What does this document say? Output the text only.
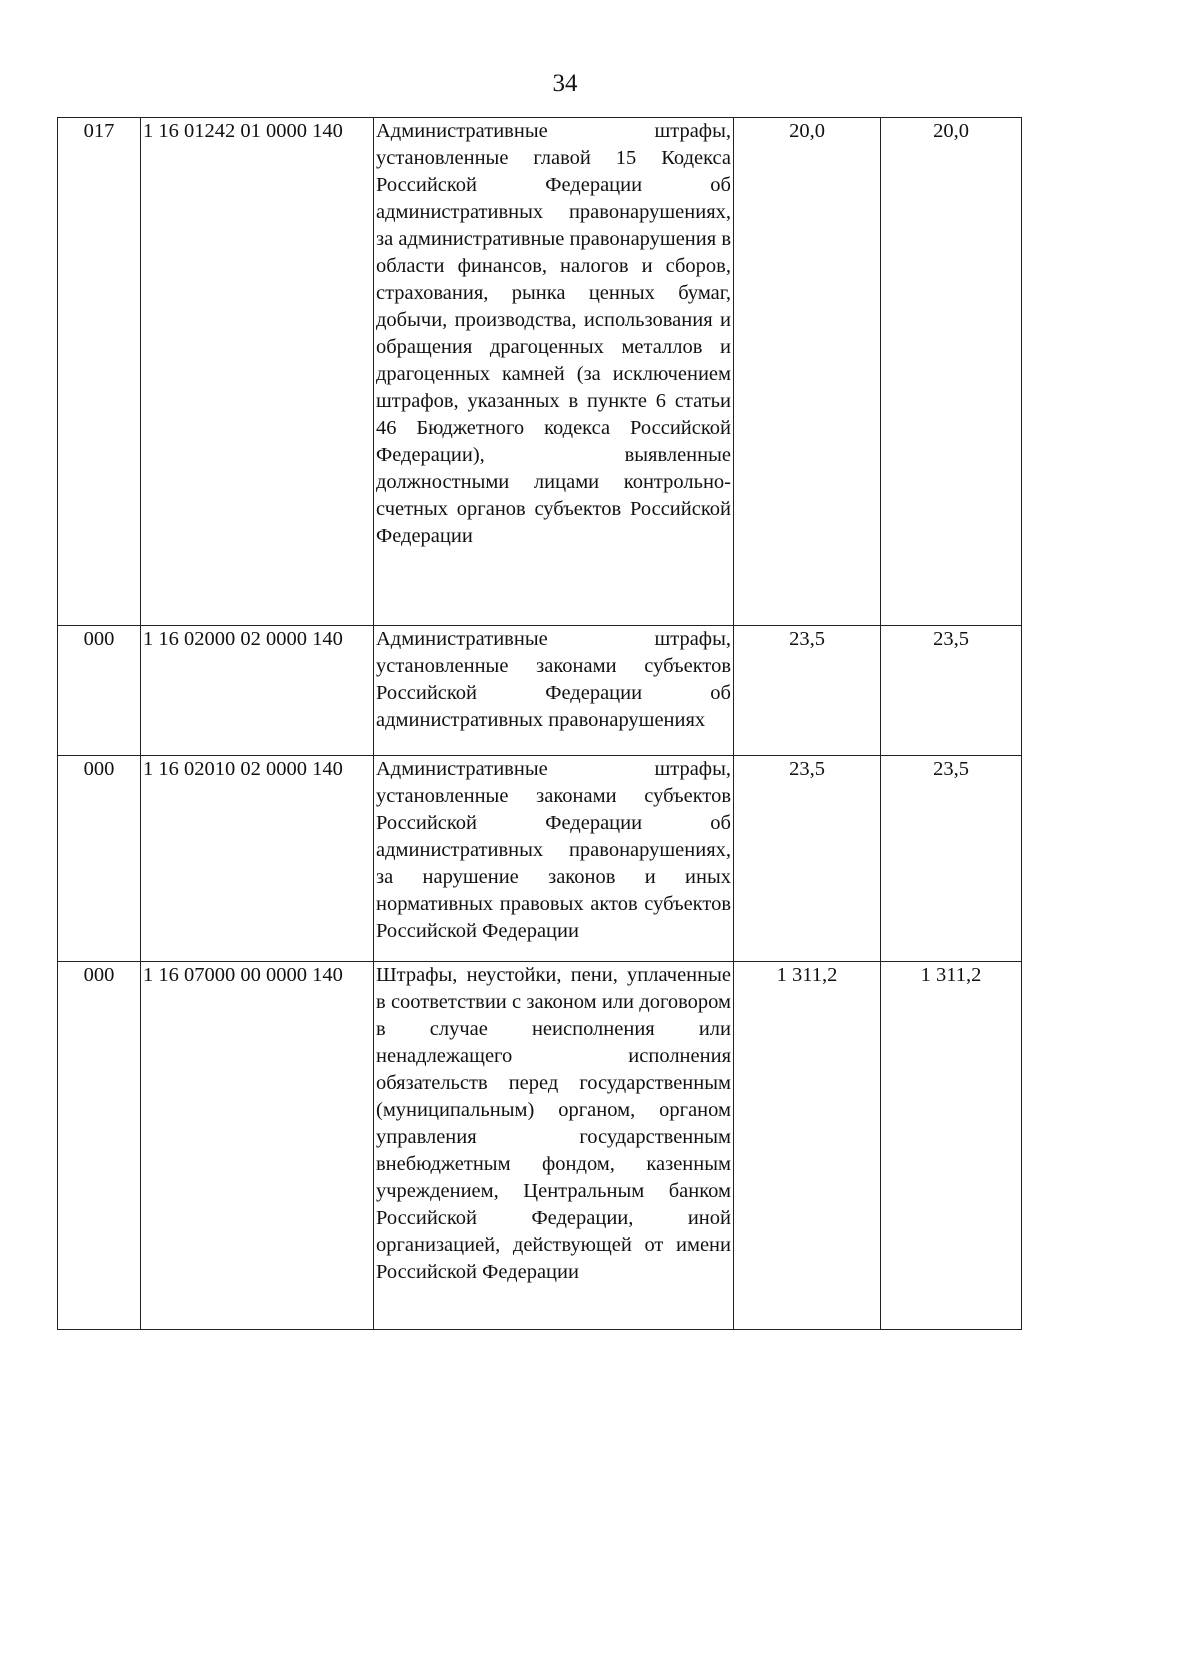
34
017	1 16 01242 01 0000 140	Административные штрафы, установленные главой 15 Кодекса Российской Федерации об административных правонарушениях, за административные правонарушения в области финансов, налогов и сборов, страхования, рынка ценных бумаг, добычи, производства, использования и обращения драгоценных металлов и драгоценных камней (за исключением штрафов, указанных в пункте 6 статьи 46 Бюджетного кодекса Российской Федерации), выявленные должностными лицами контрольно-счетных органов субъектов Российской Федерации	20,0	20,0
000	1 16 02000 02 0000 140	Административные штрафы, установленные законами субъектов Российской Федерации об административных правонарушениях	23,5	23,5
000	1 16 02010 02 0000 140	Административные штрафы, установленные законами субъектов Российской Федерации об административных правонарушениях, за нарушение законов и иных нормативных правовых актов субъектов Российской Федерации	23,5	23,5
000	1 16 07000 00 0000 140	Штрафы, неустойки, пени, уплаченные в соответствии с законом или договором в случае неисполнения или ненадлежащего исполнения обязательств перед государственным (муниципальным) органом, органом управления государственным внебюджетным фондом, казенным учреждением, Центральным банком Российской Федерации, иной организацией, действующей от имени Российской Федерации	1 311,2	1 311,2
